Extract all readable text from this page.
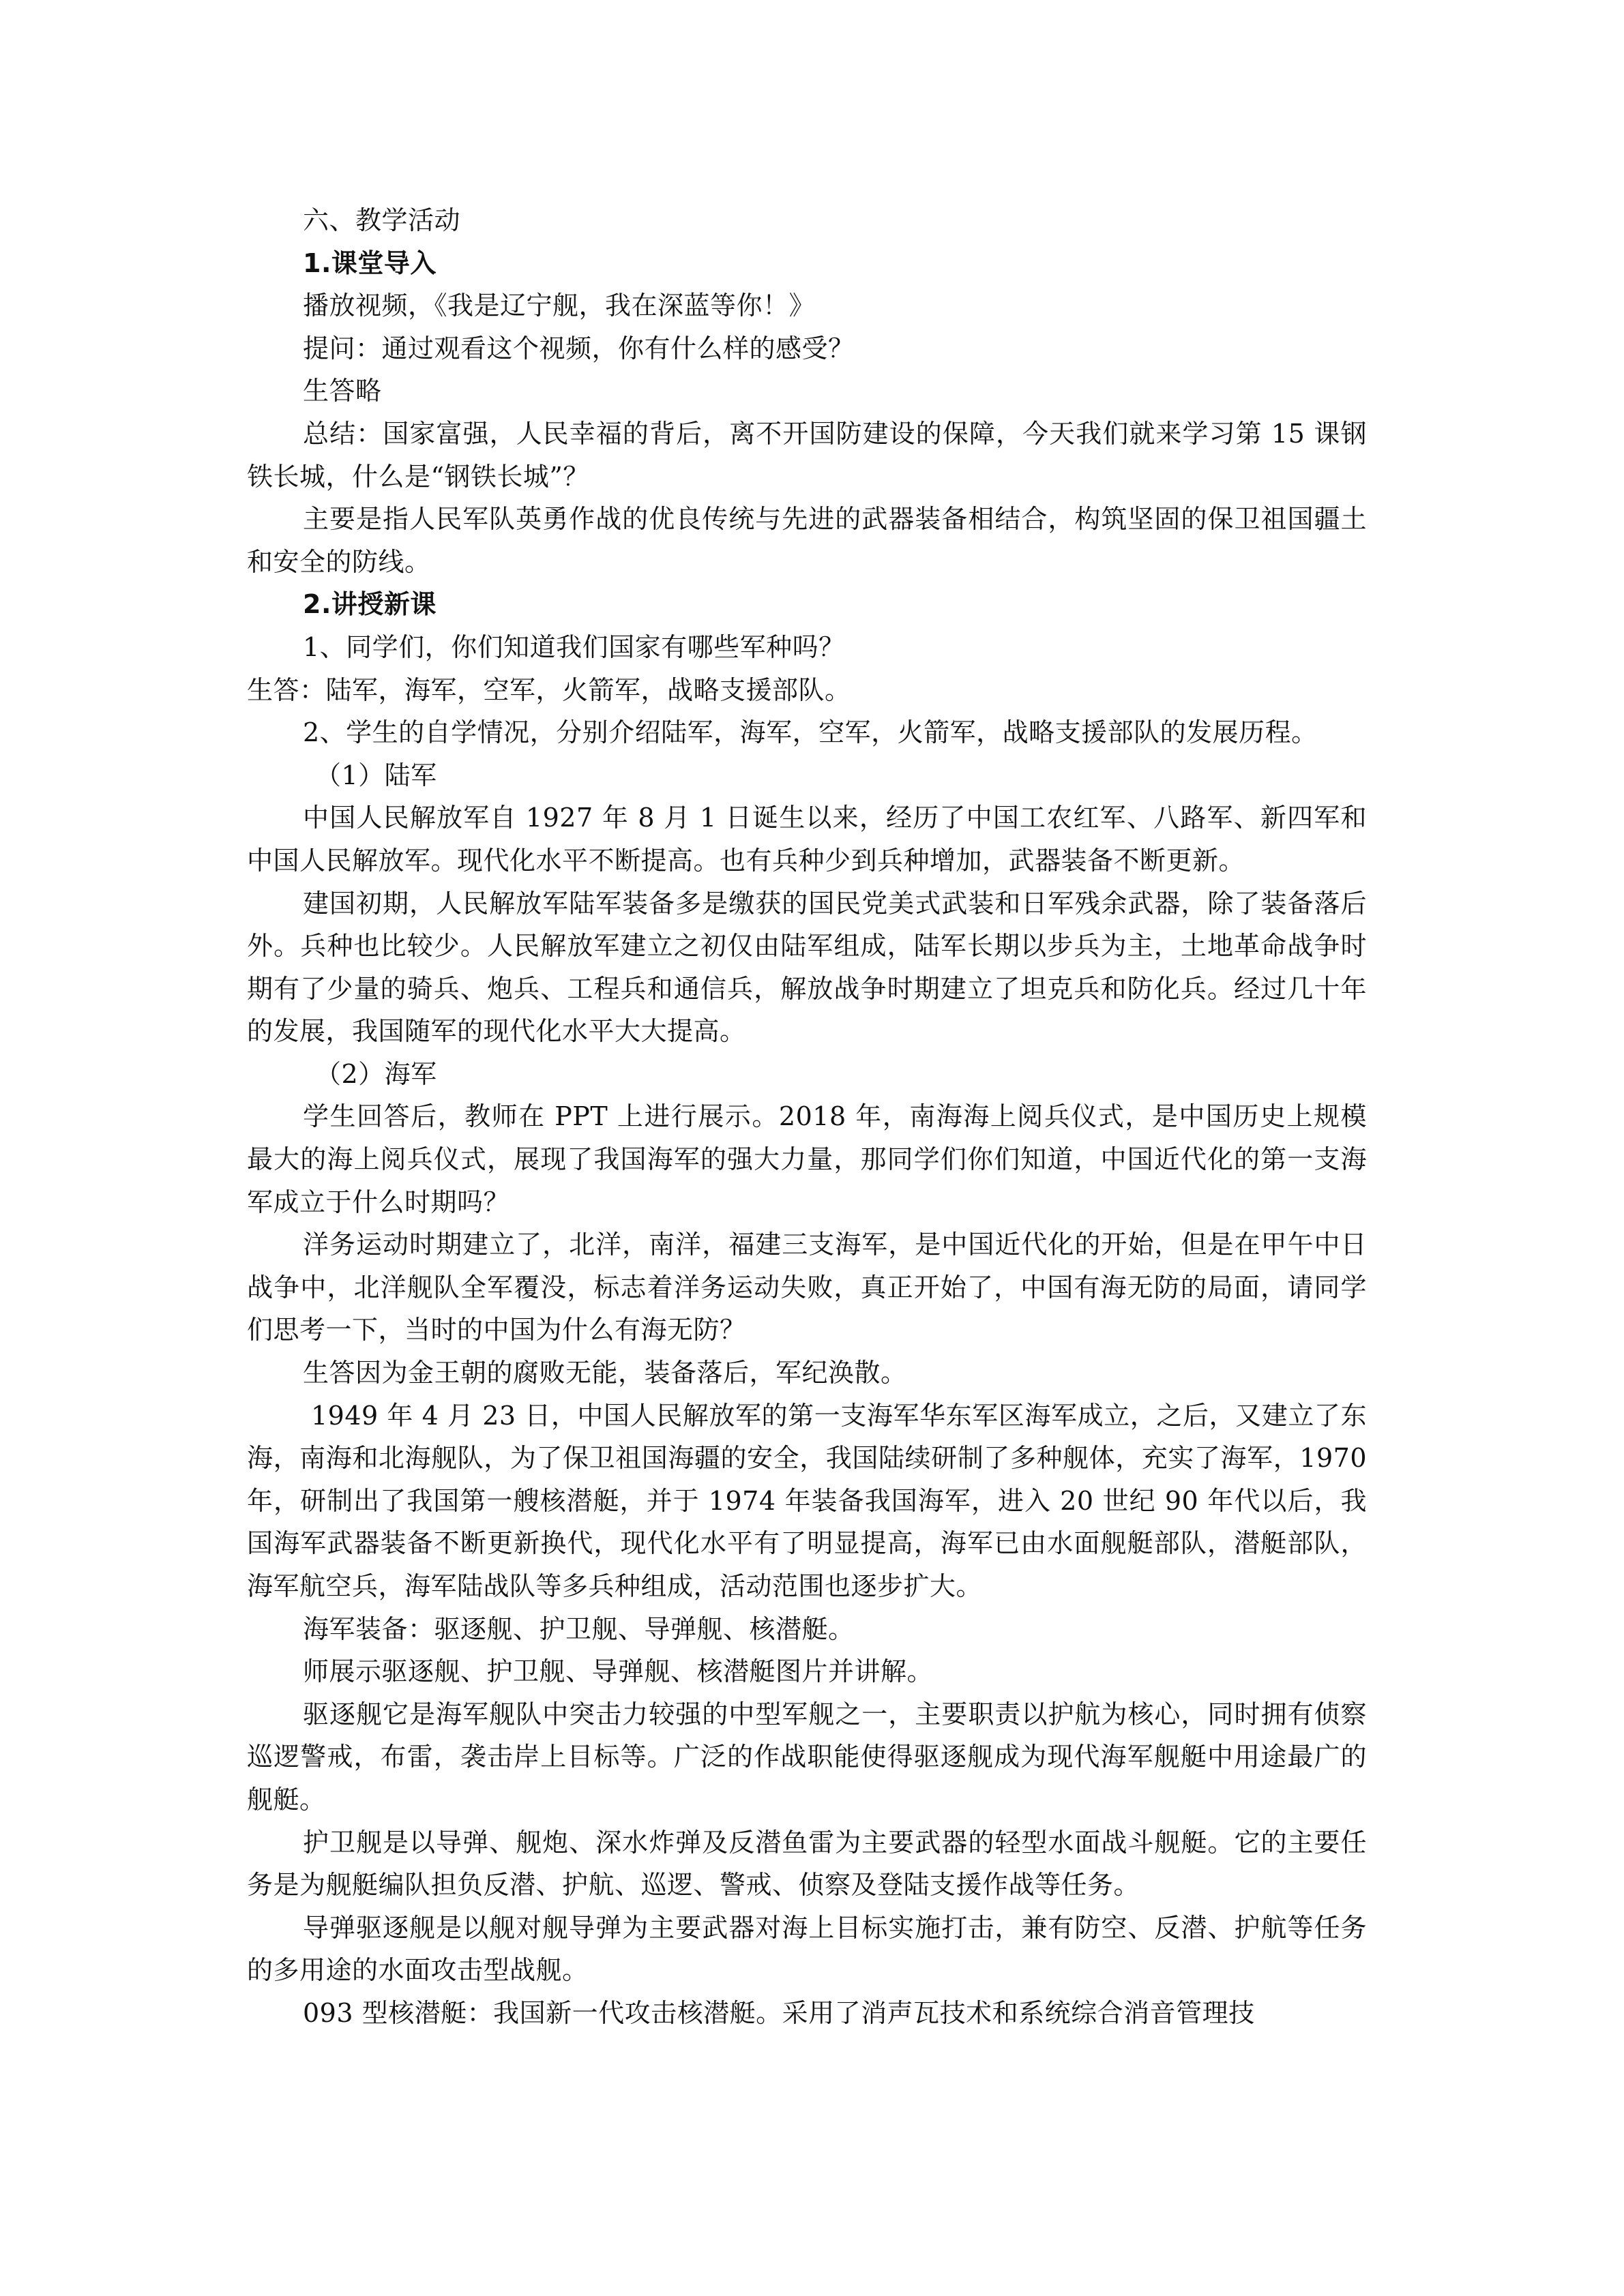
六、教学活动

1.课堂导入

播放视频，《我是辽宁舰，我在深蓝等你！》

提问：通过观看这个视频，你有什么样的感受？

生答略

总结：国家富强，人民幸福的背后，离不开国防建设的保障，今天我们就来学习第 15 课钢铁长城，什么是“钢铁长城”？

主要是指人民军队英勇作战的优良传统与先进的武器装备相结合，构筑坚固的保卫祖国疆土和安全的防线。

2.讲授新课

1、同学们，你们知道我们国家有哪些军种吗？

生答：陆军，海军，空军，火箭军，战略支援部队。

2、学生的自学情况，分别介绍陆军，海军，空军，火箭军，战略支援部队的发展历程。

（1）陆军

中国人民解放军自 1927 年 8 月 1 日诞生以来，经历了中国工农红军、八路军、新四军和中国人民解放军。现代化水平不断提高。也有兵种少到兵种增加，武器装备不断更新。

建国初期，人民解放军陆军装备多是缴获的国民党美式武装和日军残余武器，除了装备落后外。兵种也比较少。人民解放军建立之初仅由陆军组成，陆军长期以步兵为主，土地革命战争时期有了少量的骑兵、炮兵、工程兵和通信兵，解放战争时期建立了坦克兵和防化兵。经过几十年的发展，我国随军的现代化水平大大提高。

（2）海军

学生回答后，教师在 PPT 上进行展示。2018 年，南海海上阅兵仪式，是中国历史上规模最大的海上阅兵仪式，展现了我国海军的强大力量，那同学们你们知道，中国近代化的第一支海军成立于什么时期吗？

洋务运动时期建立了，北洋，南洋，福建三支海军，是中国近代化的开始，但是在甲午中日战争中，北洋舰队全军覆没，标志着洋务运动失败，真正开始了，中国有海无防的局面，请同学们思考一下，当时的中国为什么有海无防？

生答因为金王朝的腐败无能，装备落后，军纪涣散。

1949 年 4 月 23 日，中国人民解放军的第一支海军华东军区海军成立，之后，又建立了东海，南海和北海舰队，为了保卫祖国海疆的安全，我国陆续研制了多种舰体，充实了海军，1970 年，研制出了我国第一艘核潜艇，并于 1974 年装备我国海军，进入 20 世纪 90 年代以后，我国海军武器装备不断更新换代，现代化水平有了明显提高，海军已由水面舰艇部队，潜艇部队，海军航空兵，海军陆战队等多兵种组成，活动范围也逐步扩大。

海军装备：驱逐舰、护卫舰、导弹舰、核潜艇。

师展示驱逐舰、护卫舰、导弹舰、核潜艇图片并讲解。

驱逐舰它是海军舰队中突击力较强的中型军舰之一，主要职责以护航为核心，同时拥有侦察巡逻警戒，布雷，袭击岸上目标等。广泛的作战职能使得驱逐舰成为现代海军舰艇中用途最广的舰艇。

护卫舰是以导弹、舰炮、深水炸弹及反潜鱼雷为主要武器的轻型水面战斗舰艇。它的主要任务是为舰艇编队担负反潜、护航、巡逻、警戒、侦察及登陆支援作战等任务。

导弹驱逐舰是以舰对舰导弹为主要武器对海上目标实施打击，兼有防空、反潜、护航等任务的多用途的水面攻击型战舰。

093 型核潜艇：我国新一代攻击核潜艇。采用了消声瓦技术和系统综合消音管理技
